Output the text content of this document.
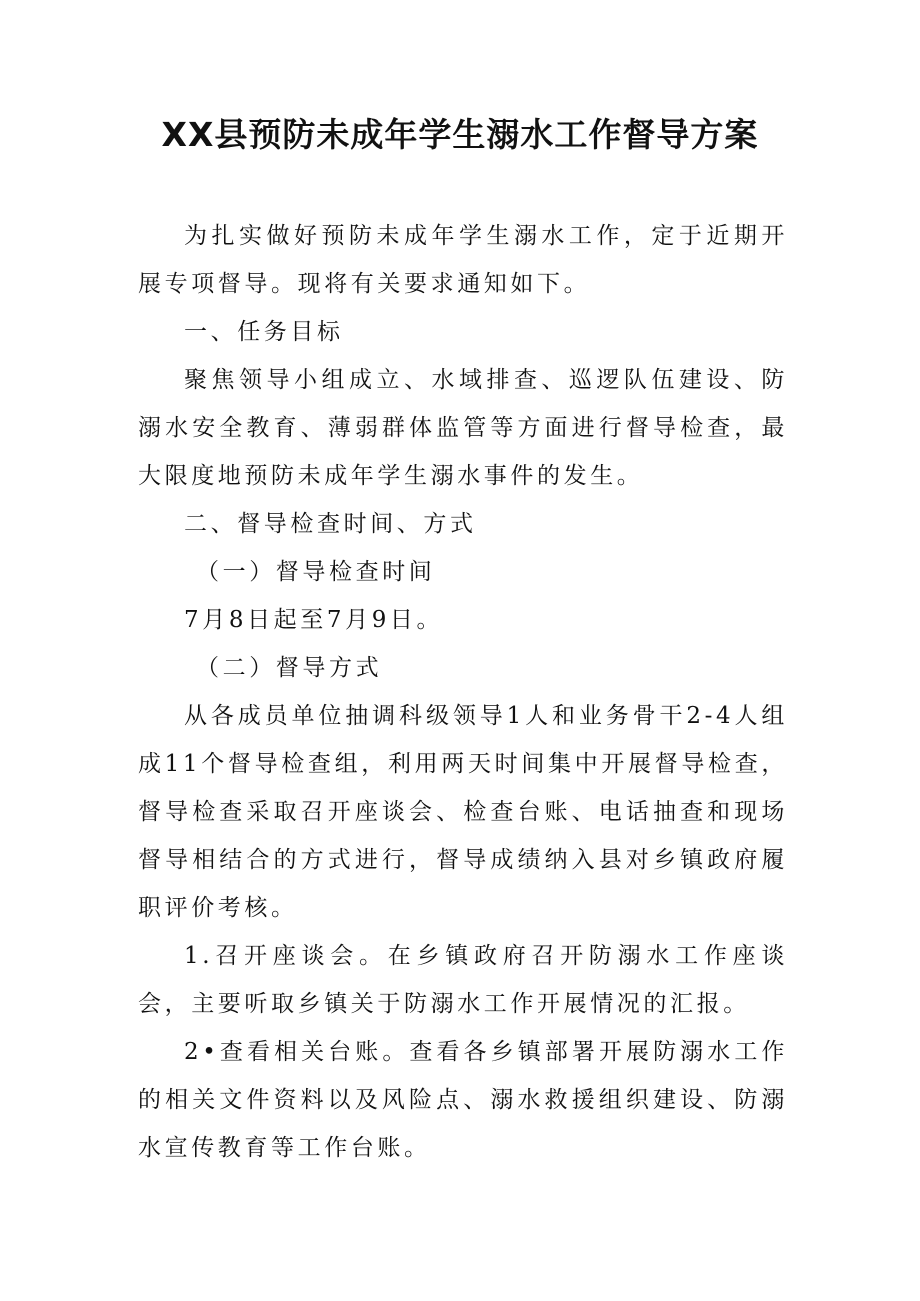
XX县预防未成年学生溺水工作督导方案

为扎实做好预防未成年学生溺水工作，定于近期开展专项督导。现将有关要求通知如下。

一、任务目标

聚焦领导小组成立、水域排查、巡逻队伍建设、防溺水安全教育、薄弱群体监管等方面进行督导检查，最大限度地预防未成年学生溺水事件的发生。

二、督导检查时间、方式

（一）督导检查时间

7月8日起至7月9日。

（二）督导方式

从各成员单位抽调科级领导1人和业务骨干2-4人组成11个督导检查组，利用两天时间集中开展督导检查，督导检查采取召开座谈会、检查台账、电话抽查和现场督导相结合的方式进行，督导成绩纳入县对乡镇政府履职评价考核。

1.召开座谈会。在乡镇政府召开防溺水工作座谈会，主要听取乡镇关于防溺水工作开展情况的汇报。

2•查看相关台账。查看各乡镇部署开展防溺水工作的相关文件资料以及风险点、溺水救援组织建设、防溺水宣传教育等工作台账。
